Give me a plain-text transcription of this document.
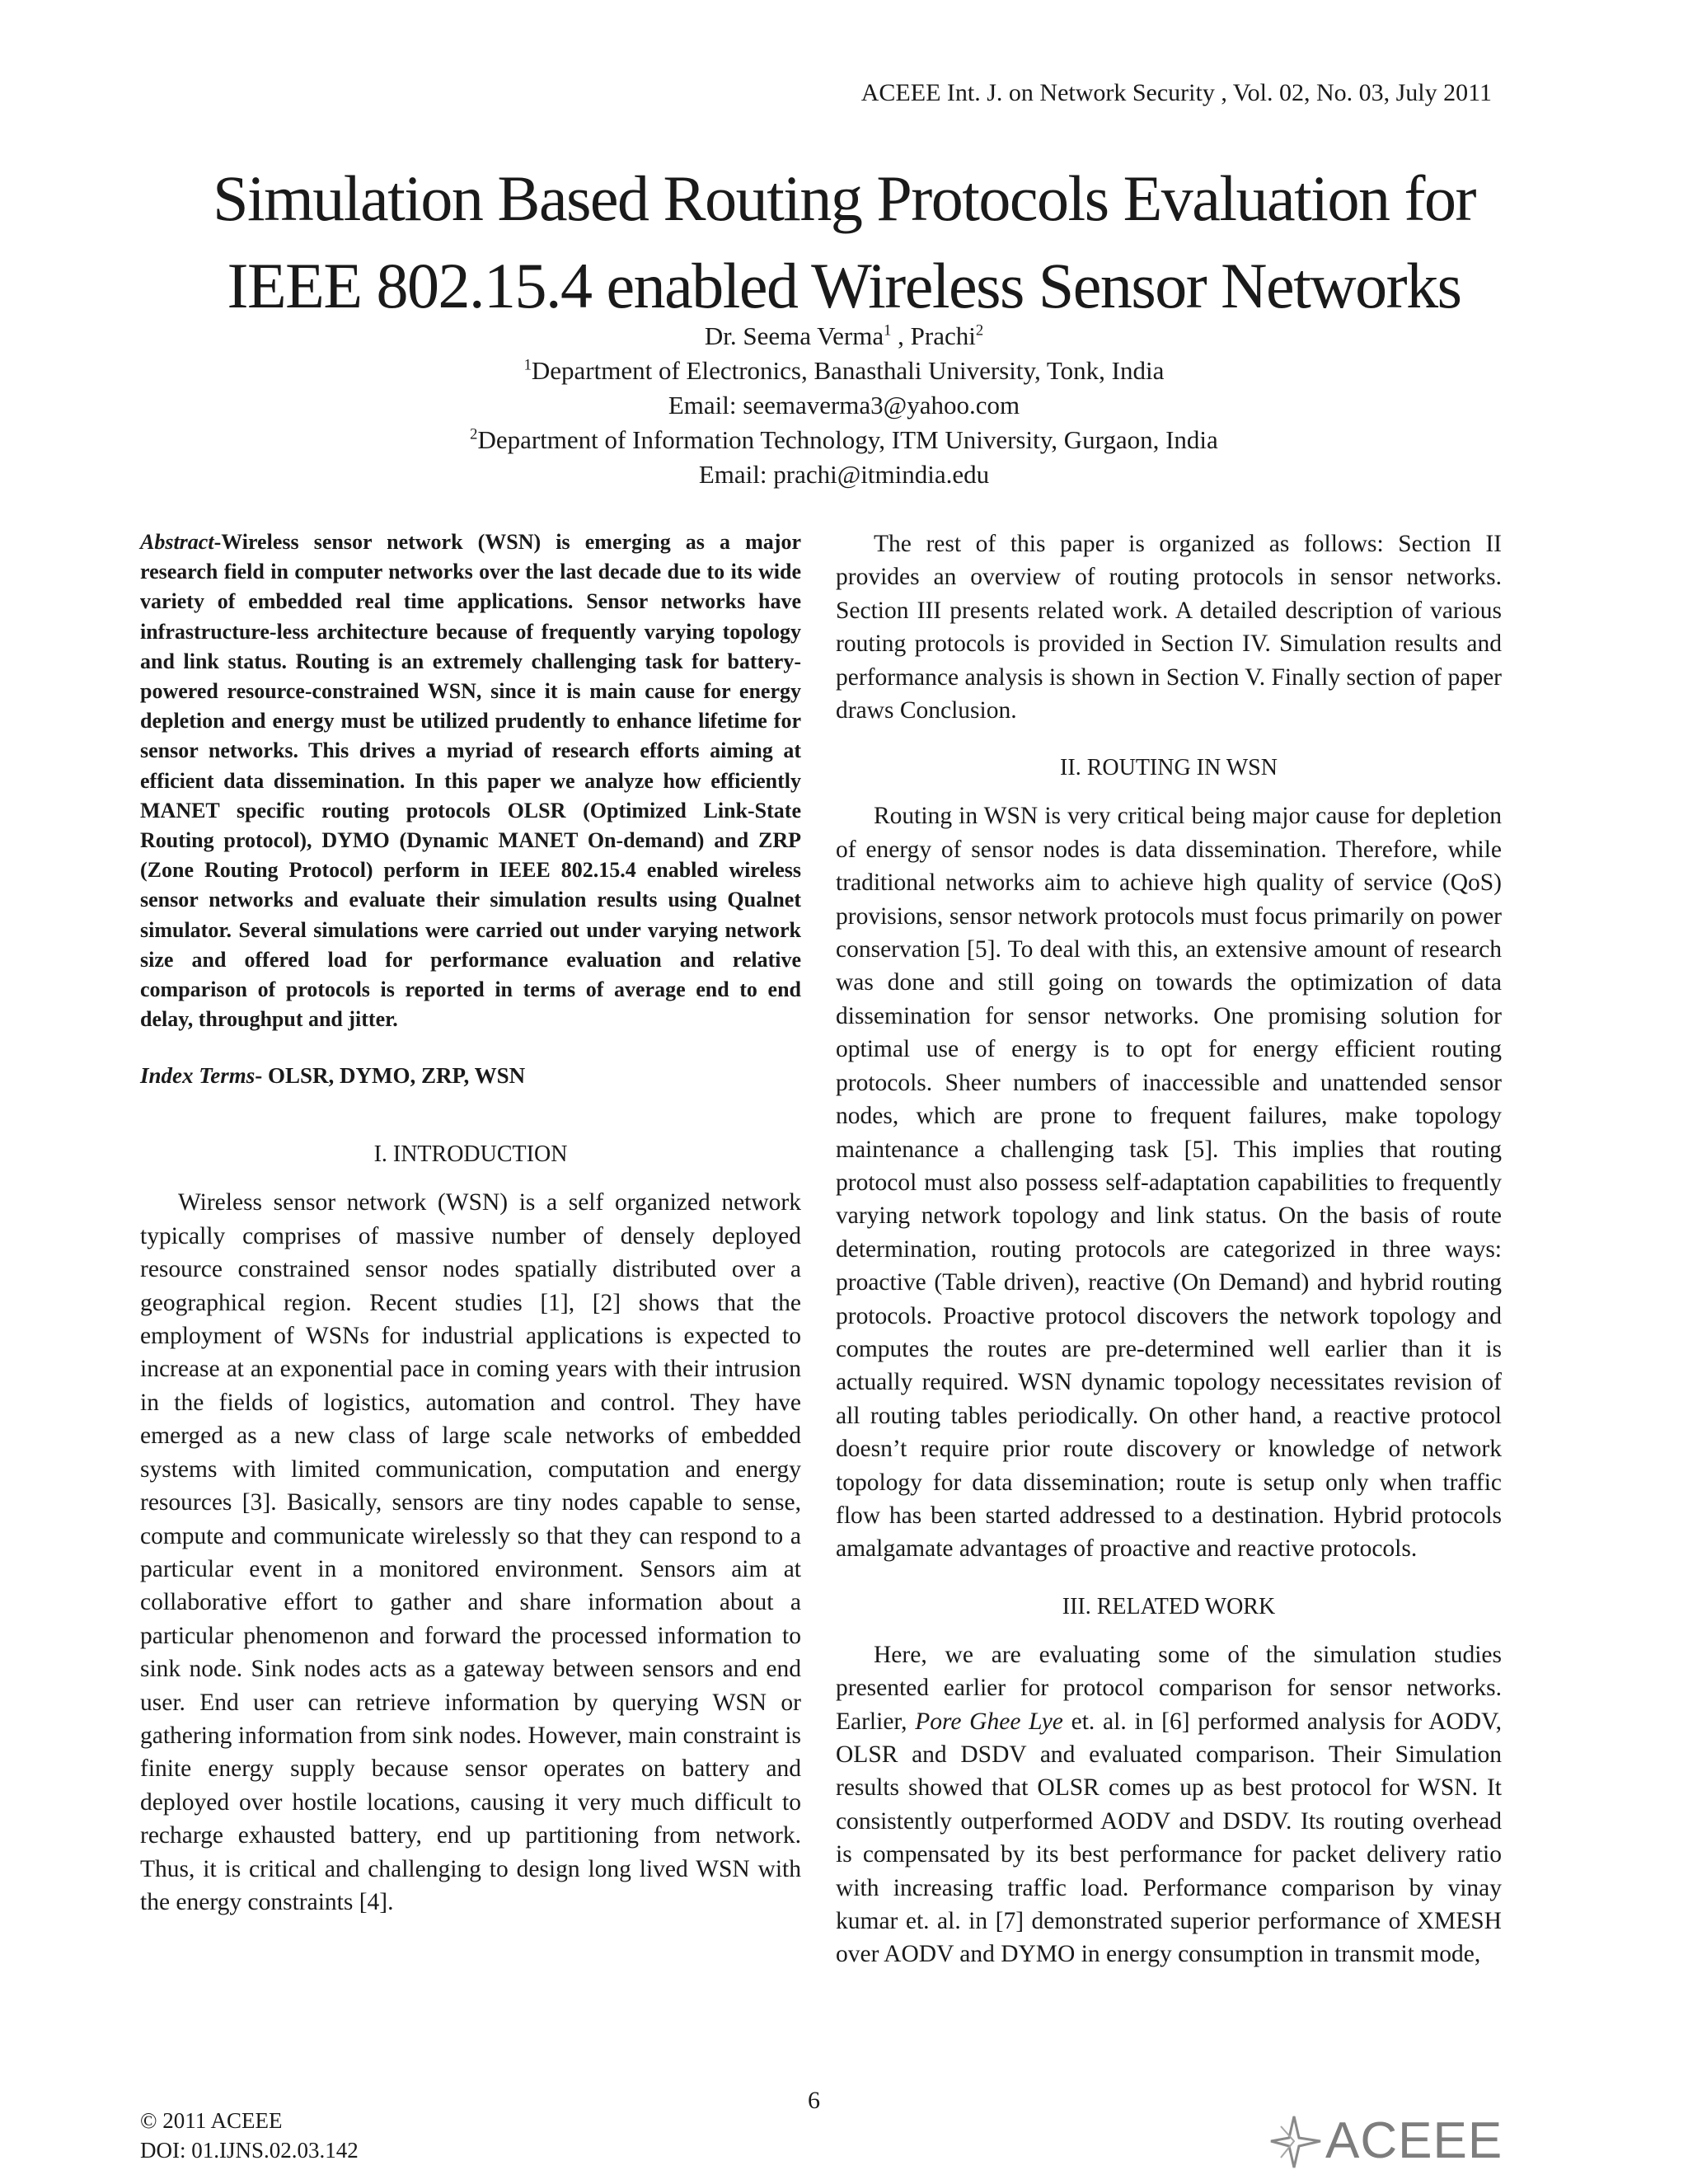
ACEEE Int. J. on Network Security , Vol. 02, No. 03, July 2011
Simulation Based Routing Protocols Evaluation for
IEEE 802.15.4 enabled Wireless Sensor Networks
Dr. Seema Verma$^1$ , Prachi$^2$
$^1$Department of Electronics, Banasthali University, Tonk, India
Email: seemaverma3@yahoo.com
$^2$Department of Information Technology, ITM University, Gurgaon, India
Email: prachi@itmindia.edu

Abstract-Wireless sensor network (WSN) is emerging as a major research field in computer networks over the last decade due to its wide variety of embedded real time applications. Sensor networks have infrastructure-less architecture because of frequently varying topology and link status. Routing is an extremely challenging task for battery-powered resource-constrained WSN, since it is main cause for energy depletion and energy must be utilized prudently to enhance lifetime for sensor networks. This drives a myriad of research efforts aiming at efficient data dissemination. In this paper we analyze how efficiently MANET specific routing protocols OLSR (Optimized Link-State Routing protocol), DYMO (Dynamic MANET On-demand) and ZRP (Zone Routing Protocol) perform in IEEE 802.15.4 enabled wireless sensor networks and evaluate their simulation results using Qualnet simulator. Several simulations were carried out under varying network size and offered load for performance evaluation and relative comparison of protocols is reported in terms of average end to end delay, throughput and jitter.

Index Terms- OLSR, DYMO, ZRP, WSN

I. INTRODUCTION

Wireless sensor network (WSN) is a self organized network typically comprises of massive number of densely deployed resource constrained sensor nodes spatially distributed over a geographical region. Recent studies [1], [2] shows that the employment of WSNs for industrial applications is expected to increase at an exponential pace in coming years with their intrusion in the fields of logistics, automation and control. They have emerged as a new class of large scale networks of embedded systems with limited communication, computation and energy resources [3]. Basically, sensors are tiny nodes capable to sense, compute and communicate wirelessly so that they can respond to a particular event in a monitored environment. Sensors aim at collaborative effort to gather and share information about a particular phenomenon and forward the processed information to sink node. Sink nodes acts as a gateway between sensors and end user. End user can retrieve information by querying WSN or gathering information from sink nodes. However, main constraint is finite energy supply because sensor operates on battery and deployed over hostile locations, causing it very much difficult to recharge exhausted battery, end up partitioning from network. Thus, it is critical and challenging to design long lived WSN with the energy constraints [4].

The rest of this paper is organized as follows: Section II provides an overview of routing protocols in sensor networks. Section III presents related work. A detailed description of various routing protocols is provided in Section IV. Simulation results and performance analysis is shown in Section V. Finally section of paper draws Conclusion.

II. ROUTING IN WSN

Routing in WSN is very critical being major cause for depletion of energy of sensor nodes is data dissemination. Therefore, while traditional networks aim to achieve high quality of service (QoS) provisions, sensor network protocols must focus primarily on power conservation [5]. To deal with this, an extensive amount of research was done and still going on towards the optimization of data dissemination for sensor networks. One promising solution for optimal use of energy is to opt for energy efficient routing protocols. Sheer numbers of inaccessible and unattended sensor nodes, which are prone to frequent failures, make topology maintenance a challenging task [5]. This implies that routing protocol must also possess self-adaptation capabilities to frequently varying network topology and link status. On the basis of route determination, routing protocols are categorized in three ways: proactive (Table driven), reactive (On Demand) and hybrid routing protocols. Proactive protocol discovers the network topology and computes the routes are pre-determined well earlier than it is actually required. WSN dynamic topology necessitates revision of all routing tables periodically. On other hand, a reactive protocol doesn’t require prior route discovery or knowledge of network topology for data dissemination; route is setup only when traffic flow has been started addressed to a destination. Hybrid protocols amalgamate advantages of proactive and reactive protocols.

III. RELATED WORK

Here, we are evaluating some of the simulation studies presented earlier for protocol comparison for sensor networks. Earlier, Pore Ghee Lye et. al. in [6] performed analysis for AODV, OLSR and DSDV and evaluated comparison. Their Simulation results showed that OLSR comes up as best protocol for WSN. It consistently outperformed AODV and DSDV. Its routing overhead is compensated by its best performance for packet delivery ratio with increasing traffic load. Performance comparison by vinay kumar et. al. in [7] demonstrated superior performance of XMESH over AODV and DYMO in energy consumption in transmit mode,

6
© 2011 ACEEE
DOI: 01.IJNS.02.03.142	ACEEE
